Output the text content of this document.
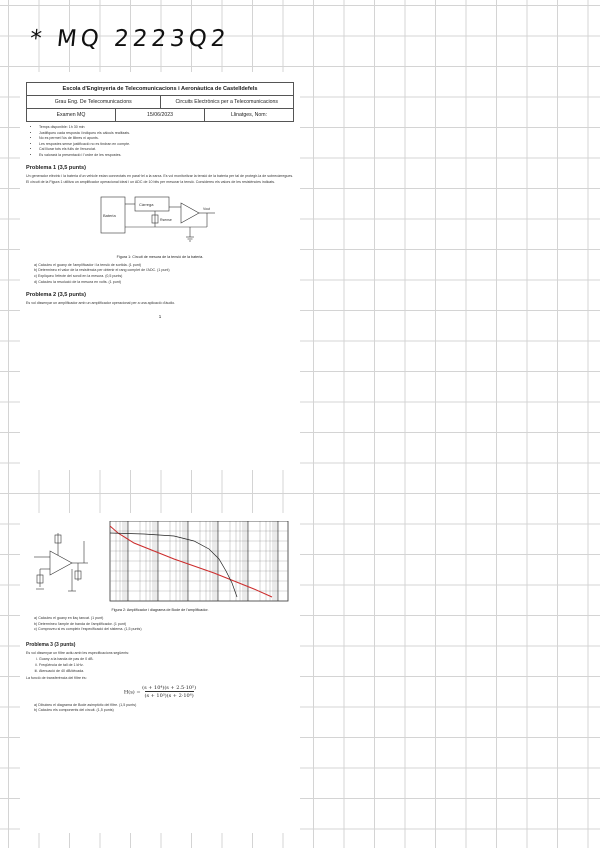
* MQ 2223Q2
Escola d'Enginyeria de Telecomunicacions i Aeronàutica de Castelldefels
Grau Eng. De Telecomunicacions	Circuits Electrònics per a Telecomunicacions
Examen MQ	15/06/2023	Llinatges, Nom:
• Temps disponible: 1h 30 min
• Justifiqueu cada resposta i indiqueu els càlculs realitzats.
• No es permet l'ús de llibres ni apunts.
• Les respostes sense justificació no es tindran en compte.
• Cal lliurar tots els fulls de l'enunciat.
• Es valorarà la presentació i l'ordre de les respostes.
Problema 1 (3,5 punts)

Un generador elèctric i la bateria d'un vehicle estan connectats en paral·lel a la xarxa. Es vol monitoritzar la tensió de la bateria per tal de protegir-la de sobrecàrregues.

El circuit de la Figura 1 utilitza un amplificador operacional ideal i un ADC de 10 bits per mesurar la tensió. Considereu els valors de les resistències indicats.

Bateria
Càrrega
Rsense
Vout
Figura 1: Circuit de mesura de la tensió de la bateria.
a) Calculeu el guany de l'amplificador i la tensió de sortida. (1 punt)
b) Determineu el valor de la resistència per obtenir el rang complet de l'ADC. (1 punt)
c) Expliqueu l'efecte del soroll en la mesura. (0,5 punts)
d) Calculeu la resolució de la mesura en volts. (1 punt)
Problema 2 (3,5 punts)

Es vol dissenyar un amplificador amb un amplificador operacional per a una aplicació d'àudio.

1
Figura 2: Amplificador i diagrama de Bode de l'amplificador.
a) Calculeu el guany en llaç tancat. (1 punt)
b) Determineu l'ample de banda de l'amplificador. (1 punt)
c) Comproveu si es compleix l'especificació del sistema. (1,5 punts)
Problema 3 (3 punts)

Es vol dissenyar un filtre actiu amb les especificacions següents:

i. Guany a la banda de pas de 0 dB.
ii. Freqüència de tall de 1 kHz.
iii. Atenuació de 40 dB/dècada.

La funció de transferència del filtre és:

$H(s) = \frac{\text{(s + 10⁴)(s + 2.5·10⁵)}}{\text{(s + 10³)(s + 2·10⁶)}}$
a) Dibuixeu el diagrama de Bode asimptòtic del filtre. (1,5 punts)
b) Calculeu els components del circuit. (1,5 punts)
